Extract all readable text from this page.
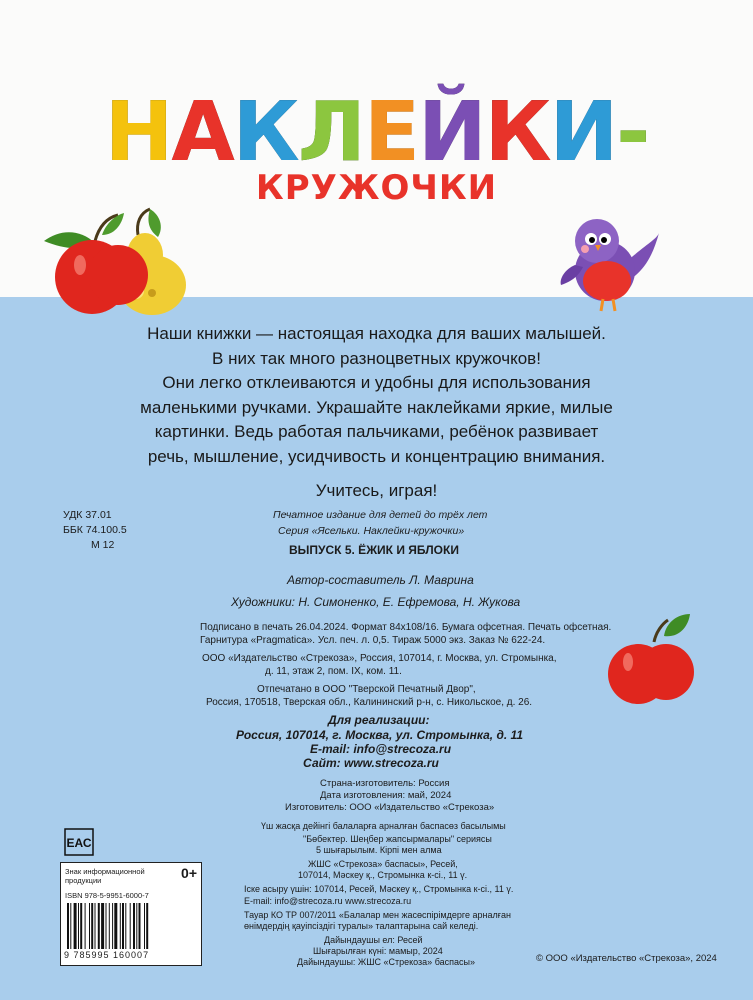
НАКЛЕЙКИ-
КРУЖОЧКИ

Наши книжки — настоящая находка для ваших малышей.

В них так много разноцветных кружочков!

Они легко отклеиваются и удобны для использования

маленькими ручками. Украшайте наклейками яркие, милые

картинки. Ведь работая пальчиками, ребёнок развивает

речь, мышление, усидчивость и концентрацию внимания.

Учитесь, играя!

УДК 37.01
ББК 74.100.5
М 12
Печатное издание для детей до трёх лет
Серия «Ясельки. Наклейки-кружочки»
ВЫПУСК 5. ЁЖИК И ЯБЛОКИ
Автор-составитель Л. Маврина
Художники: Н. Симоненко, Е. Ефремова, Н. Жукова
Подписано в печать 26.04.2024. Формат 84х108/16. Бумага офсетная. Печать офсетная.
Гарнитура «Pragmatica». Усл. печ. л. 0,5. Тираж 5000 экз. Заказ № 622-24.
ООО «Издательство «Стрекоза», Россия, 107014, г. Москва, ул. Стромынка,
д. 11, этаж 2, пом. IX, ком. 11.
Отпечатано в ООО "Тверской Печатный Двор",
Россия, 170518, Тверская обл., Калининский р-н, с. Никольское, д. 26.
Для реализации:
Россия, 107014, г. Москва, ул. Стромынка, д. 11
E-mail: info@strecoza.ru
Сайт: www.strecoza.ru
Страна-изготовитель: Россия
Дата изготовления: май, 2024
Изготовитель: ООО «Издательство «Стрекоза»
Үш жасқа дейінгі балаларға арналған баспасөз басылымы
"Бөбектер. Шеңбер жапсырмалары" сериясы
5 шығарылым. Кірпі мен алма
ЖШС «Стрекоза» баспасы», Ресей,
107014, Мәскеу қ., Стромынка к-сі., 11 ү.
Іске асыру үшін: 107014, Ресей, Мәскеу қ., Стромынка к-сі., 11 ү.
E-mail: info@strecoza.ru www.strecoza.ru
Тауар КО ТР 007/2011 «Балалар мен жасөспірімдерге арналған
өнімдердің қауіпсіздігі туралы» талаптарына сай келеді.
Дайындаушы ел: Ресей
Шығарылған күні: мамыр, 2024
Дайындаушы: ЖШС «Стрекоза» баспасы»
ЕАС
Знак информационной продукции	0+
ISBN 978-5-9951-6000-7
9 785995 160007	© ООО «Издательство «Стрекоза», 2024
